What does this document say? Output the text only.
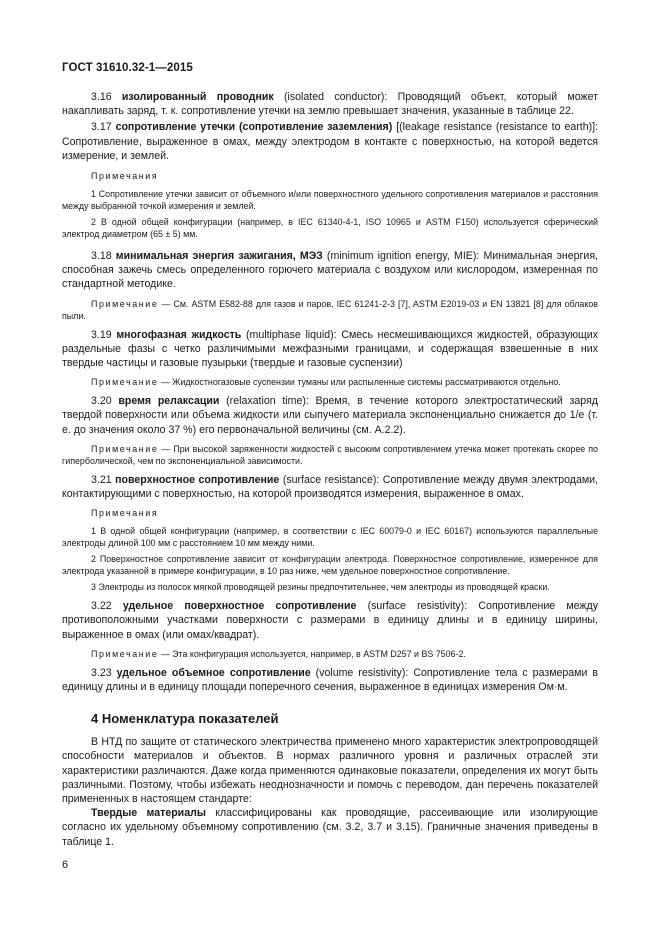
ГОСТ 31610.32-1—2015

3.16 изолированный проводник (isolated conductor): Проводящий объект, который может накапливать заряд, т. к. сопротивление утечки на землю превышает значения, указанные в таблице 22.

3.17 сопротивление утечки (сопротивление заземления) [(leakage resistance (resistance to earth)]: Сопротивление, выраженное в омах, между электродом в контакте с поверхностью, на которой ведется измерение, и землей.

Примечания

1 Сопротивление утечки зависит от объемного и/или поверхностного удельного сопротивления материалов и расстояния между выбранной точкой измерения и землей.

2 В одной общей конфигурации (например, в IEC 61340-4-1, ISO 10965 и ASTM F150) используется сферический электрод диаметром (65 ± 5) мм.

3.18 минимальная энергия зажигания, МЭЗ (minimum ignition energy, MIE): Минимальная энергия, способная зажечь смесь определенного горючего материала с воздухом или кислородом, измеренная по стандартной методике.

Примечание — См. ASTM E582-88 для газов и паров, IEC 61241-2-3 [7], ASTM E2019-03 и EN 13821 [8] для облаков пыли.

3.19 многофазная жидкость (multiphase liquid): Смесь несмешивающихся жидкостей, образующих раздельные фазы с четко различимыми межфазными границами, и содержащая взвешенные в них твердые частицы и газовые пузырьки (твердые и газовые суспензии)

Примечание — Жидкостногазовые суспензии туманы или распыленные системы рассматриваются отдельно.

3.20 время релаксации (relaxation time): Время, в течение которого электростатический заряд твердой поверхности или объема жидкости или сыпучего материала экспоненциально снижается до 1/e (т. е. до значения около 37 %) его первоначальной величины (см. А.2.2).

Примечание — При высокой заряженности жидкостей с высоким сопротивлением утечка может протекать скорее по гиперболической, чем по экспоненциальной зависимости.

3.21 поверхностное сопротивление (surface resistance): Сопротивление между двумя электродами, контактирующими с поверхностью, на которой производятся измерения, выраженное в омах.

Примечания

1 В одной общей конфигурации (например, в соответствии с IEC 60079-0 и IEC 60167) используются параллельные электроды длиной 100 мм с расстоянием 10 мм между ними.

2 Поверхностное сопротивление зависит от конфигурации электрода. Поверхностное сопротивление, измеренное для электрода указанной в примере конфигурации, в 10 раз ниже, чем удельное поверхностное сопротивление.

3 Электроды из полосок мягкой проводящей резины предпочтительнее, чем электроды из проводящей краски.

3.22 удельное поверхностное сопротивление (surface resistivity): Сопротивление между противоположными участками поверхности с размерами в единицу длины и в единицу ширины, выраженное в омах (или омах/квадрат).

Примечание — Эта конфигурация используется, например, в ASTM D257 и BS 7506-2.

3.23 удельное объемное сопротивление (volume resistivity): Сопротивление тела с размерами в единицу длины и в единицу площади поперечного сечения, выраженное в единицах измерения Ом·м.

4 Номенклатура показателей

В НТД по защите от статического электричества применено много характеристик электропроводящей способности материалов и объектов. В нормах различного уровня и различных отраслей эти характеристики различаются. Даже когда применяются одинаковые показатели, определения их могут быть различными. Поэтому, чтобы избежать неоднозначности и помочь с переводом, дан перечень показателей примененных в настоящем стандарте:

Твердые материалы классифицированы как проводящие, рассеивающие или изолирующие согласно их удельному объемному сопротивлению (см. 3.2, 3.7 и 3.15). Граничные значения приведены в таблице 1.

6
